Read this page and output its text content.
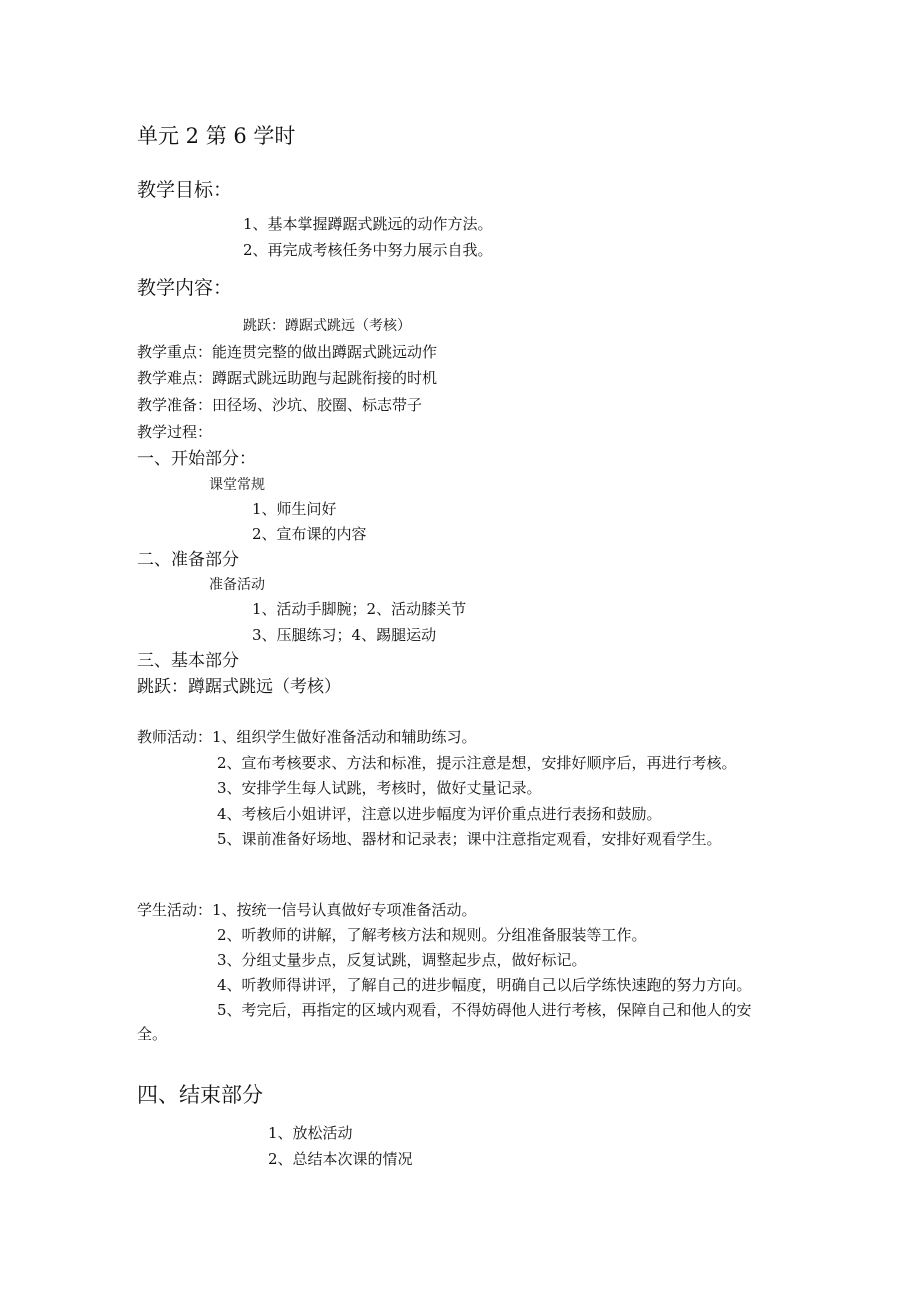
单元 2 第 6 学时
教学目标：
1、基本掌握蹲踞式跳远的动作方法。
2、再完成考核任务中努力展示自我。
教学内容：
跳跃：蹲踞式跳远（考核）
教学重点：能连贯完整的做出蹲踞式跳远动作
教学难点：蹲踞式跳远助跑与起跳衔接的时机
教学准备：田径场、沙坑、胶圈、标志带子
教学过程：
一、开始部分：
课堂常规
1、师生问好
2、宣布课的内容
二、准备部分
准备活动
1、活动手脚腕；2、活动膝关节
3、压腿练习；4、踢腿运动
三、基本部分
跳跃：蹲踞式跳远（考核）
教师活动：1、组织学生做好准备活动和辅助练习。
2、宣布考核要求、方法和标准，提示注意是想，安排好顺序后，再进行考核。
3、安排学生每人试跳，考核时，做好丈量记录。
4、考核后小姐讲评，注意以进步幅度为评价重点进行表扬和鼓励。
5、课前准备好场地、器材和记录表；课中注意指定观看，安排好观看学生。
学生活动：1、按统一信号认真做好专项准备活动。
2、听教师的讲解，了解考核方法和规则。分组准备服装等工作。
3、分组丈量步点，反复试跳，调整起步点，做好标记。
4、听教师得讲评，了解自己的进步幅度，明确自己以后学练快速跑的努力方向。
5、考完后，再指定的区域内观看，不得妨碍他人进行考核，保障自己和他人的安
全。
四、结束部分
1、放松活动
2、总结本次课的情况
